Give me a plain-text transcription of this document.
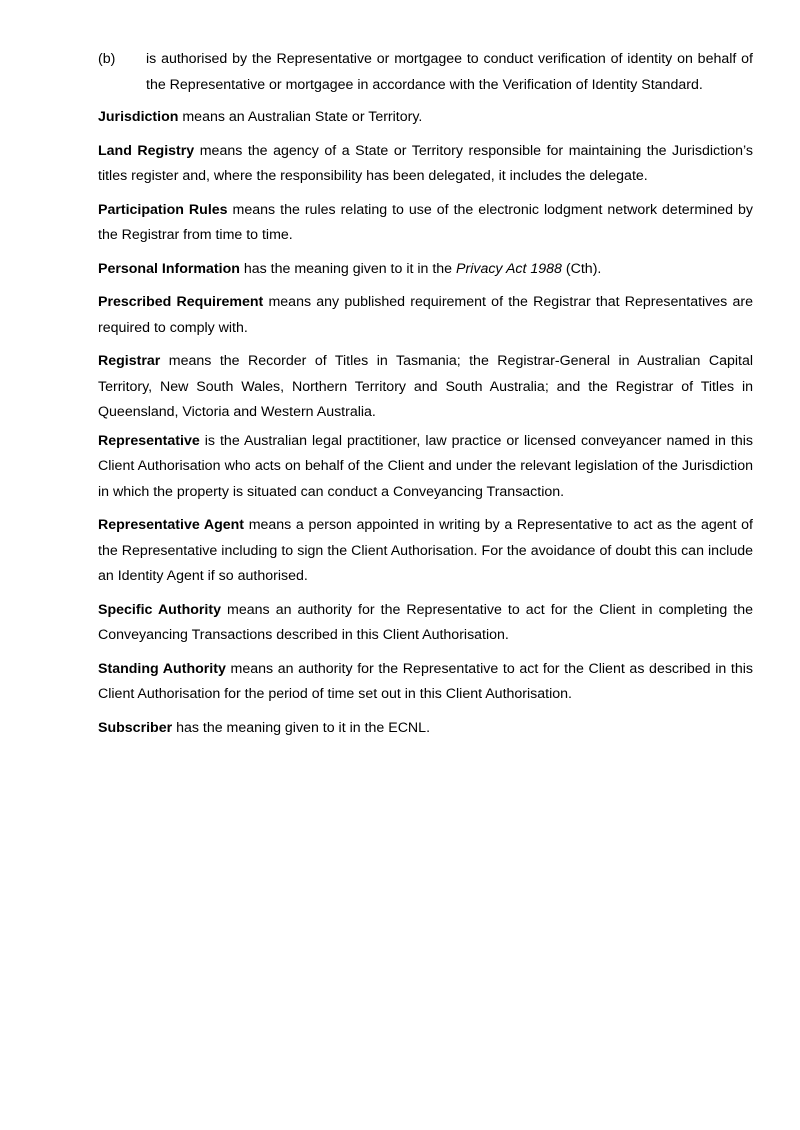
(b)	is authorised by the Representative or mortgagee to conduct verification of identity on behalf of the Representative or mortgagee in accordance with the Verification of Identity Standard.

Jurisdiction means an Australian State or Territory.

Land Registry means the agency of a State or Territory responsible for maintaining the Jurisdiction’s titles register and, where the responsibility has been delegated, it includes the delegate.

Participation Rules means the rules relating to use of the electronic lodgment network determined by the Registrar from time to time.

Personal Information has the meaning given to it in the Privacy Act 1988 (Cth).

Prescribed Requirement means any published requirement of the Registrar that Representatives are required to comply with.

Registrar means the Recorder of Titles in Tasmania; the Registrar-General in Australian Capital Territory, New South Wales, Northern Territory and South Australia; and the Registrar of Titles in Queensland, Victoria and Western Australia.

Representative is the Australian legal practitioner, law practice or licensed conveyancer named in this Client Authorisation who acts on behalf of the Client and under the relevant legislation of the Jurisdiction in which the property is situated can conduct a Conveyancing Transaction.

Representative Agent means a person appointed in writing by a Representative to act as the agent of the Representative including to sign the Client Authorisation. For the avoidance of doubt this can include an Identity Agent if so authorised.

Specific Authority means an authority for the Representative to act for the Client in completing the Conveyancing Transactions described in this Client Authorisation.

Standing Authority means an authority for the Representative to act for the Client as described in this Client Authorisation for the period of time set out in this Client Authorisation.

Subscriber has the meaning given to it in the ECNL.
